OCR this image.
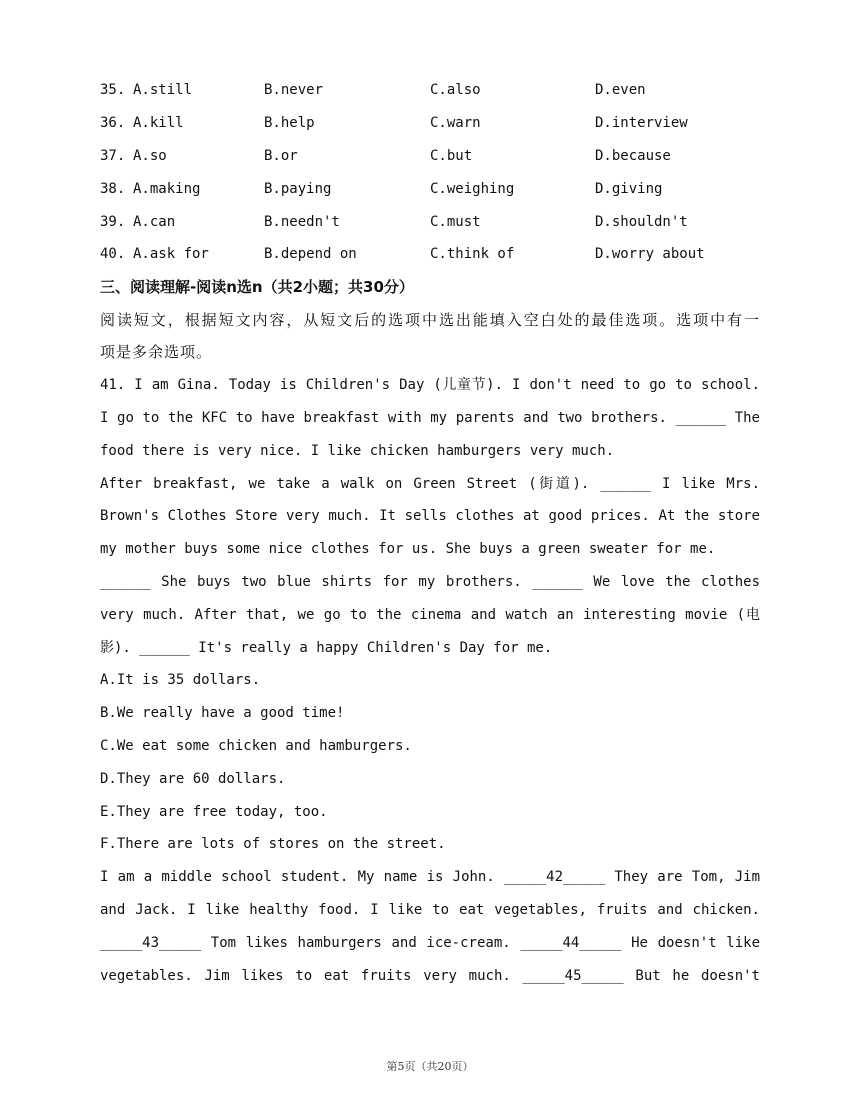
35. A.still	B.never	C.also	D.even
36. A.kill	B.help	C.warn	D.interview
37. A.so	B.or	C.but	D.because
38. A.making	B.paying	C.weighing	D.giving
39. A.can	B.needn't	C.must	D.shouldn't
40. A.ask for	B.depend on	C.think of	D.worry about
三、阅读理解-阅读n选n（共2小题；共30分）
阅读短文，根据短文内容，从短文后的选项中选出能填入空白处的最佳选项。选项中有一
项是多余选项。
41. I am Gina. Today is Children's Day (儿童节). I don't need to go to school.
I go to the KFC to have breakfast with my parents and two brothers. ______ The
food there is very nice. I like chicken hamburgers very much.
After breakfast, we take a walk on Green Street (街道). ______ I like Mrs.
Brown's Clothes Store very much. It sells clothes at good prices. At the store
my mother buys some nice clothes for us. She buys a green sweater for me.
______ She buys two blue shirts for my brothers. ______ We love the clothes
very much. After that, we go to the cinema and watch an interesting movie (电
影). ______ It's really a happy Children's Day for me.
A.It is 35 dollars.
B.We really have a good time!
C.We eat some chicken and hamburgers.
D.They are 60 dollars.
E.They are free today, too.
F.There are lots of stores on the street.
I am a middle school student. My name is John. _____42_____ They are Tom, Jim
and Jack. I like healthy food. I like to eat vegetables, fruits and chicken.
_____43_____ Tom likes hamburgers and ice-cream. _____44_____ He doesn't like
vegetables. Jim likes to eat fruits very much. _____45_____ But he doesn't
第5页（共20页）
